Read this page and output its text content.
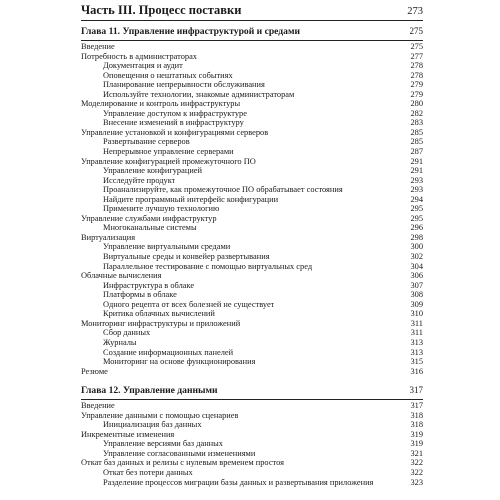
Часть III. Процесс поставки	273
Глава 11. Управление инфраструктурой и средами	275
Введение	275
Потребность в администраторах	277
Документация и аудит	278
Оповещения о нештатных событиях	278
Планирование непрерывности обслуживания	279
Используйте технологии, знакомые администраторам	279
Моделирование и контроль инфраструктуры	280
Управление доступом к инфраструктуре	282
Внесение изменений в инфраструктуру	283
Управление установкой и конфигурациями серверов	285
Развертывание серверов	285
Непрерывное управление серверами	287
Управление конфигурацией промежуточного ПО	291
Управление конфигурацией	291
Исследуйте продукт	293
Проанализируйте, как промежуточное ПО обрабатывает состояния	293
Найдите программный интерфейс конфигурации	294
Примените лучшую технологию	295
Управление службами инфраструктур	295
Многоканальные системы	296
Виртуализация	298
Управление виртуальными средами	300
Виртуальные среды и конвейер развертывания	302
Параллельное тестирование с помощью виртуальных сред	304
Облачные вычисления	306
Инфраструктура в облаке	307
Платформы в облаке	308
Одного рецепта от всех болезней не существует	309
Критика облачных вычислений	310
Мониторинг инфраструктуры и приложений	311
Сбор данных	311
Журналы	313
Создание информационных панелей	313
Мониторинг на основе функционирования	315
Резюме	316
Глава 12. Управление данными	317
Введение	317
Управление данными с помощью сценариев	318
Инициализация баз данных	318
Инкрементные изменения	319
Управление версиями баз данных	319
Управление согласованными изменениями	321
Откат баз данных и релизы с нулевым временем простоя	322
Откат без потери данных	322
Разделение процессов миграции базы данных и развертывания приложения	323
